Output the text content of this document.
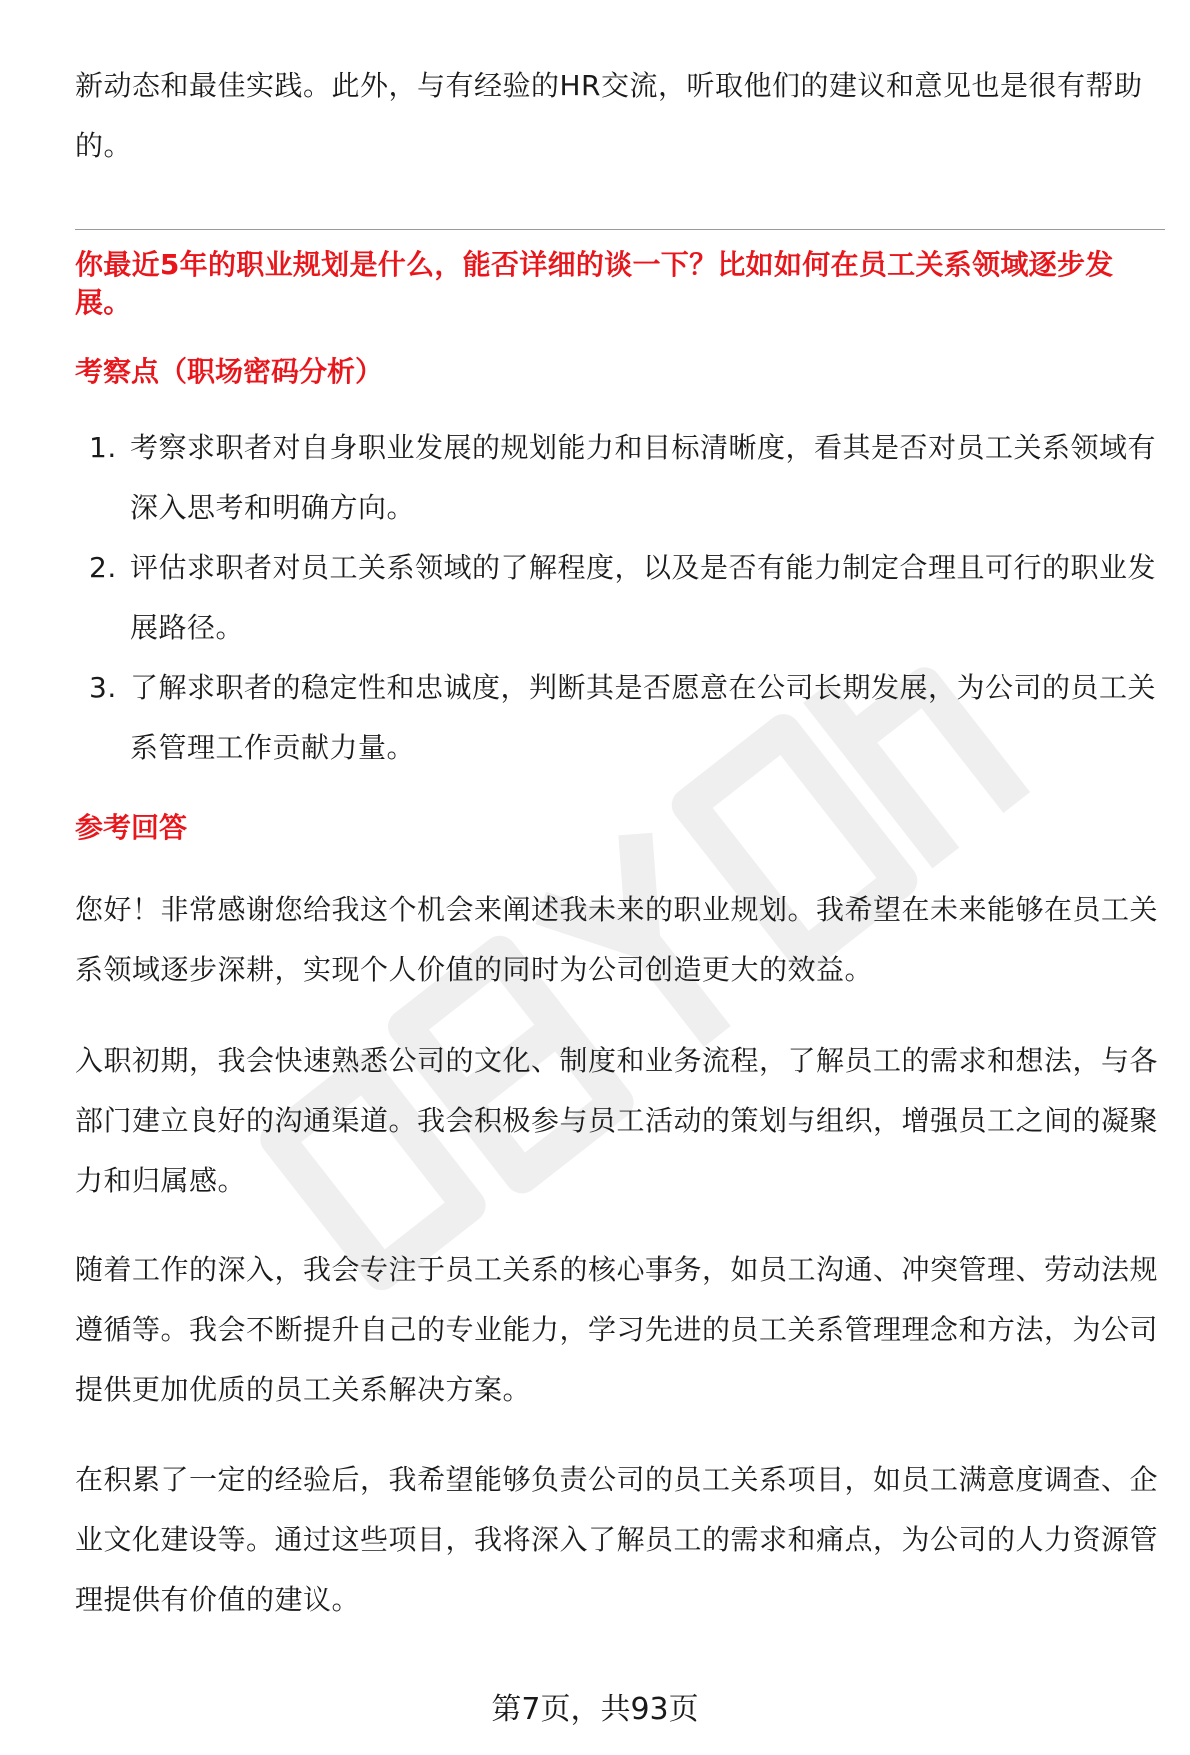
新动态和最佳实践。此外，与有经验的HR交流，听取他们的建议和意见也是很有帮助的。

你最近5年的职业规划是什么，能否详细的谈一下？比如如何在员工关系领域逐步发展。

考察点（职场密码分析）

1. 考察求职者对自身职业发展的规划能力和目标清晰度，看其是否对员工关系领域有深入思考和明确方向。
2. 评估求职者对员工关系领域的了解程度，以及是否有能力制定合理且可行的职业发展路径。
3. 了解求职者的稳定性和忠诚度，判断其是否愿意在公司长期发展，为公司的员工关系管理工作贡献力量。

参考回答

您好！非常感谢您给我这个机会来阐述我未来的职业规划。我希望在未来能够在员工关系领域逐步深耕，实现个人价值的同时为公司创造更大的效益。

入职初期，我会快速熟悉公司的文化、制度和业务流程，了解员工的需求和想法，与各部门建立良好的沟通渠道。我会积极参与员工活动的策划与组织，增强员工之间的凝聚力和归属感。

随着工作的深入，我会专注于员工关系的核心事务，如员工沟通、冲突管理、劳动法规遵循等。我会不断提升自己的专业能力，学习先进的员工关系管理理念和方法，为公司提供更加优质的员工关系解决方案。

在积累了一定的经验后，我希望能够负责公司的员工关系项目，如员工满意度调查、企业文化建设等。通过这些项目，我将深入了解员工的需求和痛点，为公司的人力资源管理提供有价值的建议。

第7页，共93页
